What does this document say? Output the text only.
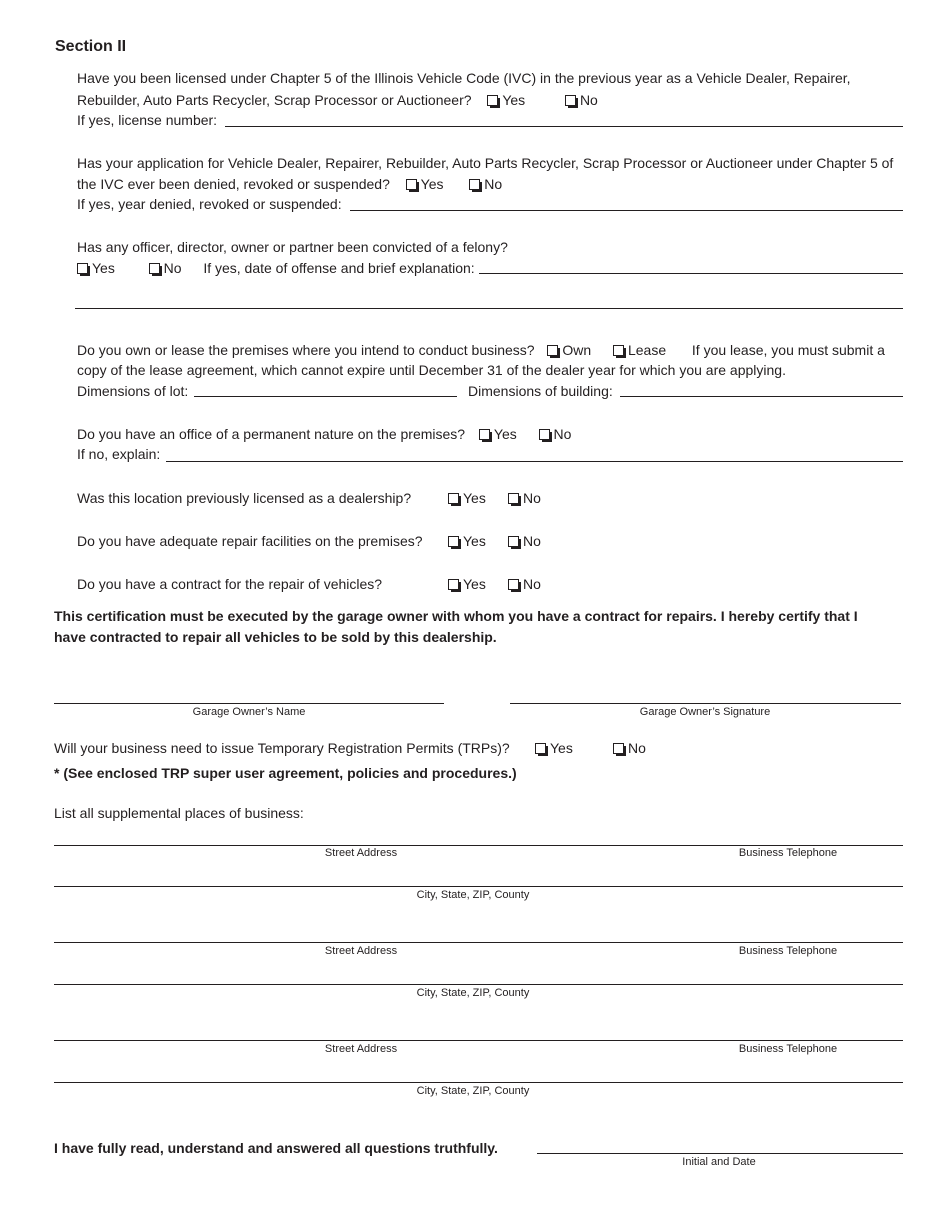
Section II
Have you been licensed under Chapter 5 of the Illinois Vehicle Code (IVC) in the previous year as a Vehicle Dealer, Repairer,
Rebuilder, Auto Parts Recycler, Scrap Processor or Auctioneer? Yes	No
If yes, license number:
Has your application for Vehicle Dealer, Repairer, Rebuilder, Auto Parts Recycler, Scrap Processor or Auctioneer under Chapter 5 of
the IVC ever been denied, revoked or suspended? Yes	No
If yes, year denied, revoked or suspended:
Has any officer, director, owner or partner been convicted of a felony?
Yes	No If yes, date of offense and brief explanation:
Do you own or lease the premises where you intend to conduct business? Own	Lease If you lease, you must submit a
copy of the lease agreement, which cannot expire until December 31 of the dealer year for which you are applying.
Dimensions of lot:	Dimensions of building:
Do you have an office of a permanent nature on the premises? Yes	No
If no, explain:
Was this location previously licensed as a dealership?	Yes	No
Do you have adequate repair facilities on the premises?	Yes	No
Do you have a contract for the repair of vehicles?	Yes	No
This certification must be executed by the garage owner with whom you have a contract for repairs. I hereby certify that I
have contracted to repair all vehicles to be sold by this dealership.
Garage Owner’s Name	Garage Owner’s Signature
Will your business need to issue Temporary Registration Permits (TRPs)?	Yes	No
* (See enclosed TRP super user agreement, policies and procedures.)
List all supplemental places of business:
Street Address	Business Telephone
City, State, ZIP, County
Street Address	Business Telephone
City, State, ZIP, County
Street Address	Business Telephone
City, State, ZIP, County
I have fully read, understand and answered all questions truthfully.
Initial and Date
